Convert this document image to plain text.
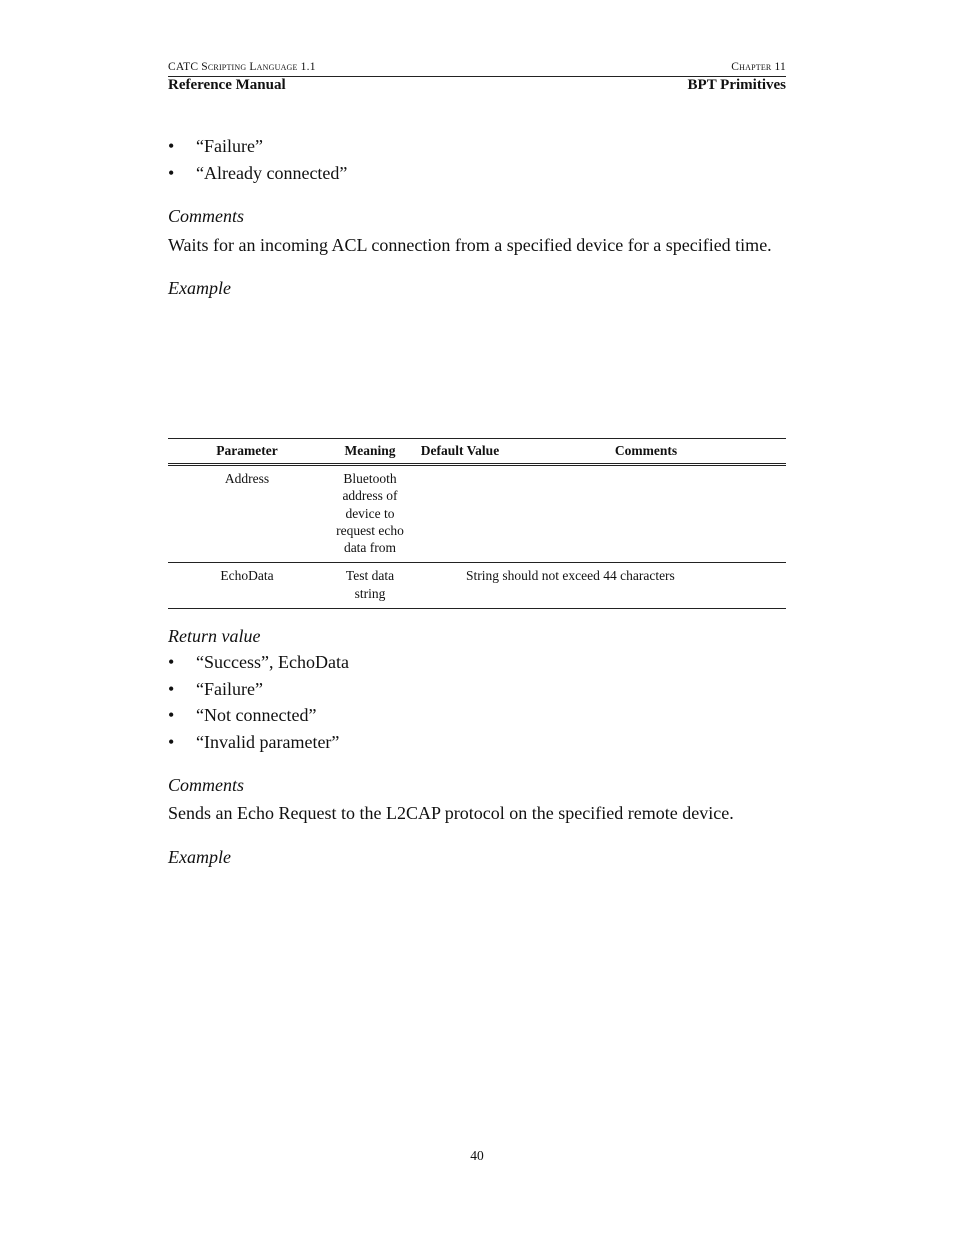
CATC Scripting Language 1.1	Chapter 11
Reference Manual	BPT Primitives
•	“Failure”
•	“Already connected”
Comments
Waits for an incoming ACL connection from a specified device for a specified time.
Example
Parameter	Meaning	Default Value	Comments
Address	Bluetooth address of device to request echo data from		
EchoData	Test data string		String should not exceed 44 characters
Return value
•	“Success”, EchoData
•	“Failure”
•	“Not connected”
•	“Invalid parameter”
Comments
Sends an Echo Request to the L2CAP protocol on the specified remote device.
Example
40
